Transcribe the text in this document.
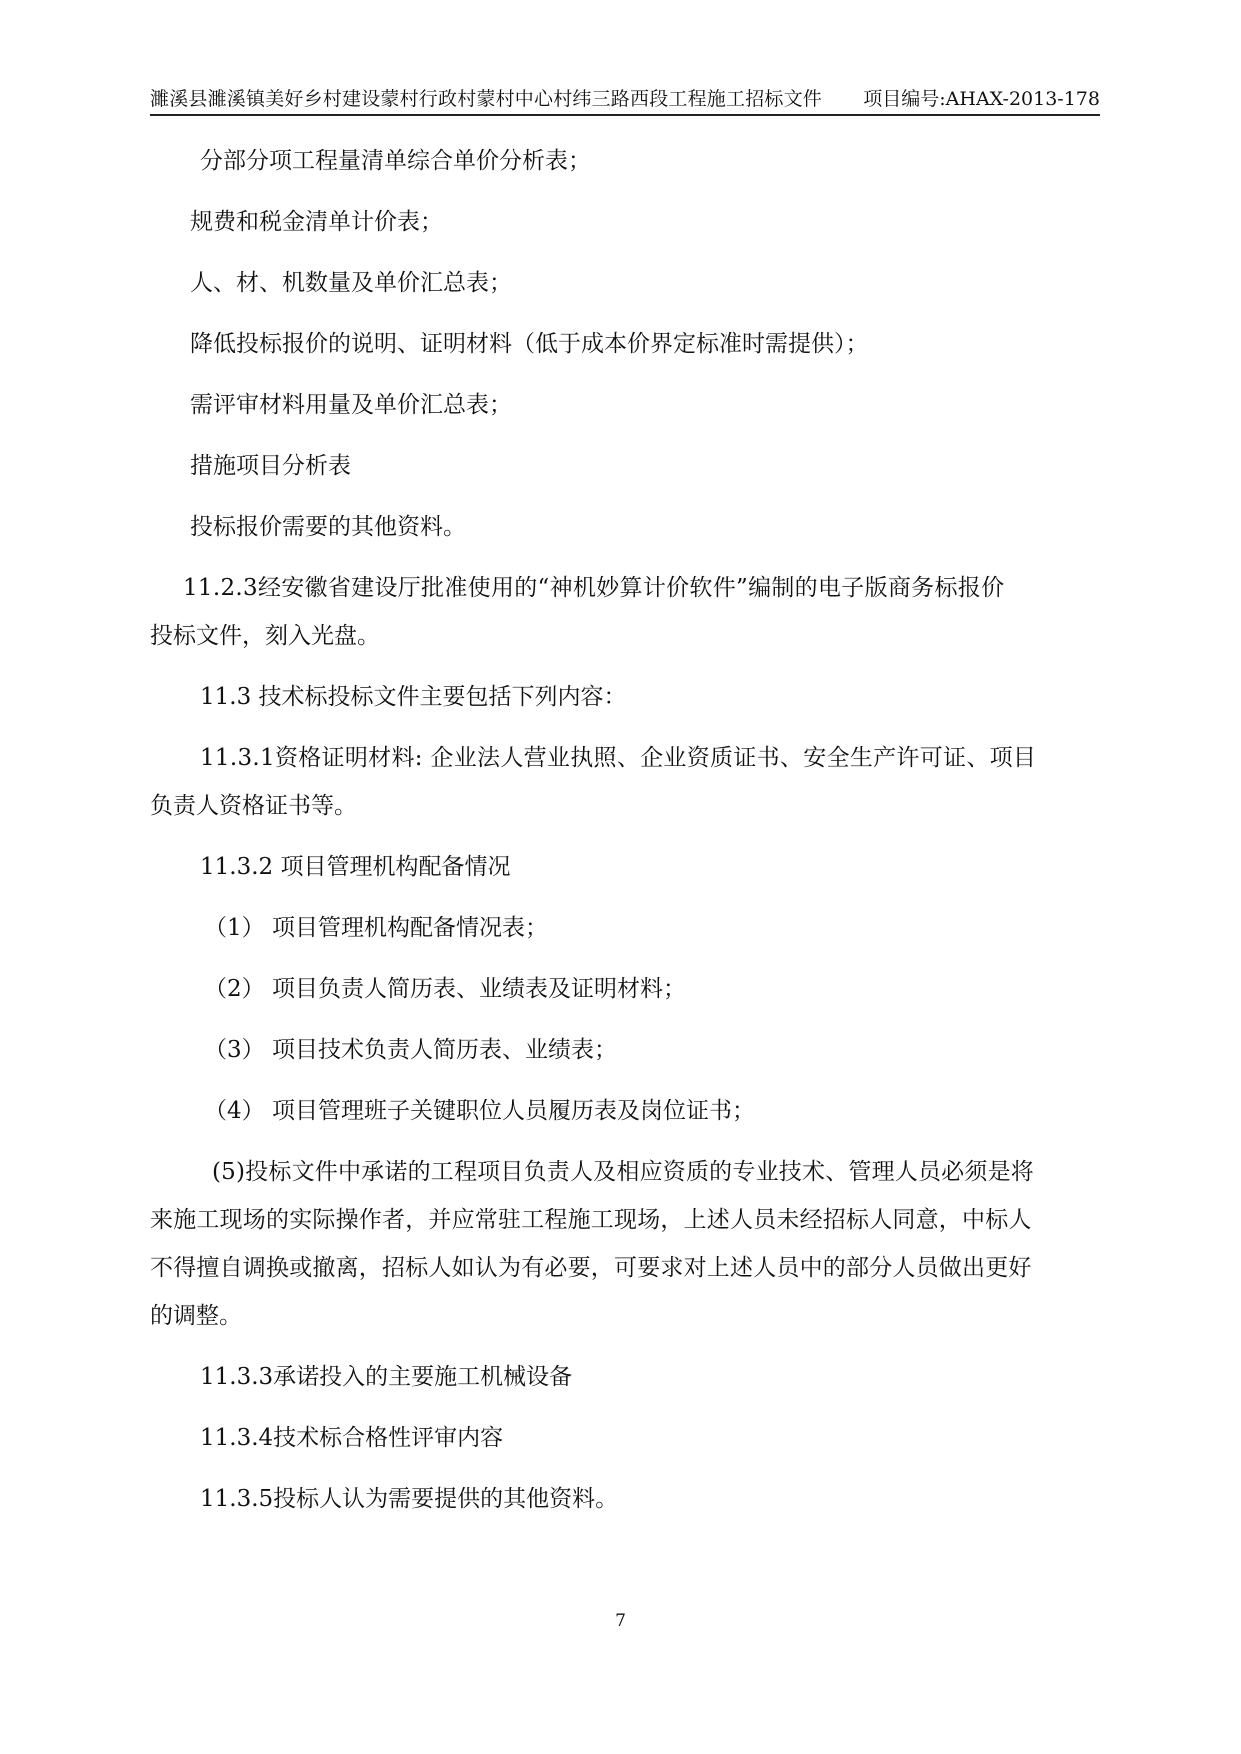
濉溪县濉溪镇美好乡村建设蒙村行政村蒙村中心村纬三路西段工程施工招标文件 项目编号:AHAX-2013-178
分部分项工程量清单综合单价分析表；
规费和税金清单计价表；
人、材、机数量及单价汇总表；
降低投标报价的说明、证明材料（低于成本价界定标准时需提供）；
需评审材料用量及单价汇总表；
措施项目分析表
投标报价需要的其他资料。
11.2.3经安徽省建设厅批准使用的“神机妙算计价软件”编制的电子版商务标报价
投标文件，刻入光盘。
11.3 技术标投标文件主要包括下列内容：
11.3.1资格证明材料: 企业法人营业执照、企业资质证书、安全生产许可证、项目
负责人资格证书等。
11.3.2 项目管理机构配备情况
（1） 项目管理机构配备情况表；
（2） 项目负责人简历表、业绩表及证明材料；
（3） 项目技术负责人简历表、业绩表；
（4） 项目管理班子关键职位人员履历表及岗位证书；
(5)投标文件中承诺的工程项目负责人及相应资质的专业技术、管理人员必须是将
来施工现场的实际操作者，并应常驻工程施工现场，上述人员未经招标人同意，中标人
不得擅自调换或撤离，招标人如认为有必要，可要求对上述人员中的部分人员做出更好
的调整。
11.3.3承诺投入的主要施工机械设备
11.3.4技术标合格性评审内容
11.3.5投标人认为需要提供的其他资料。
7
